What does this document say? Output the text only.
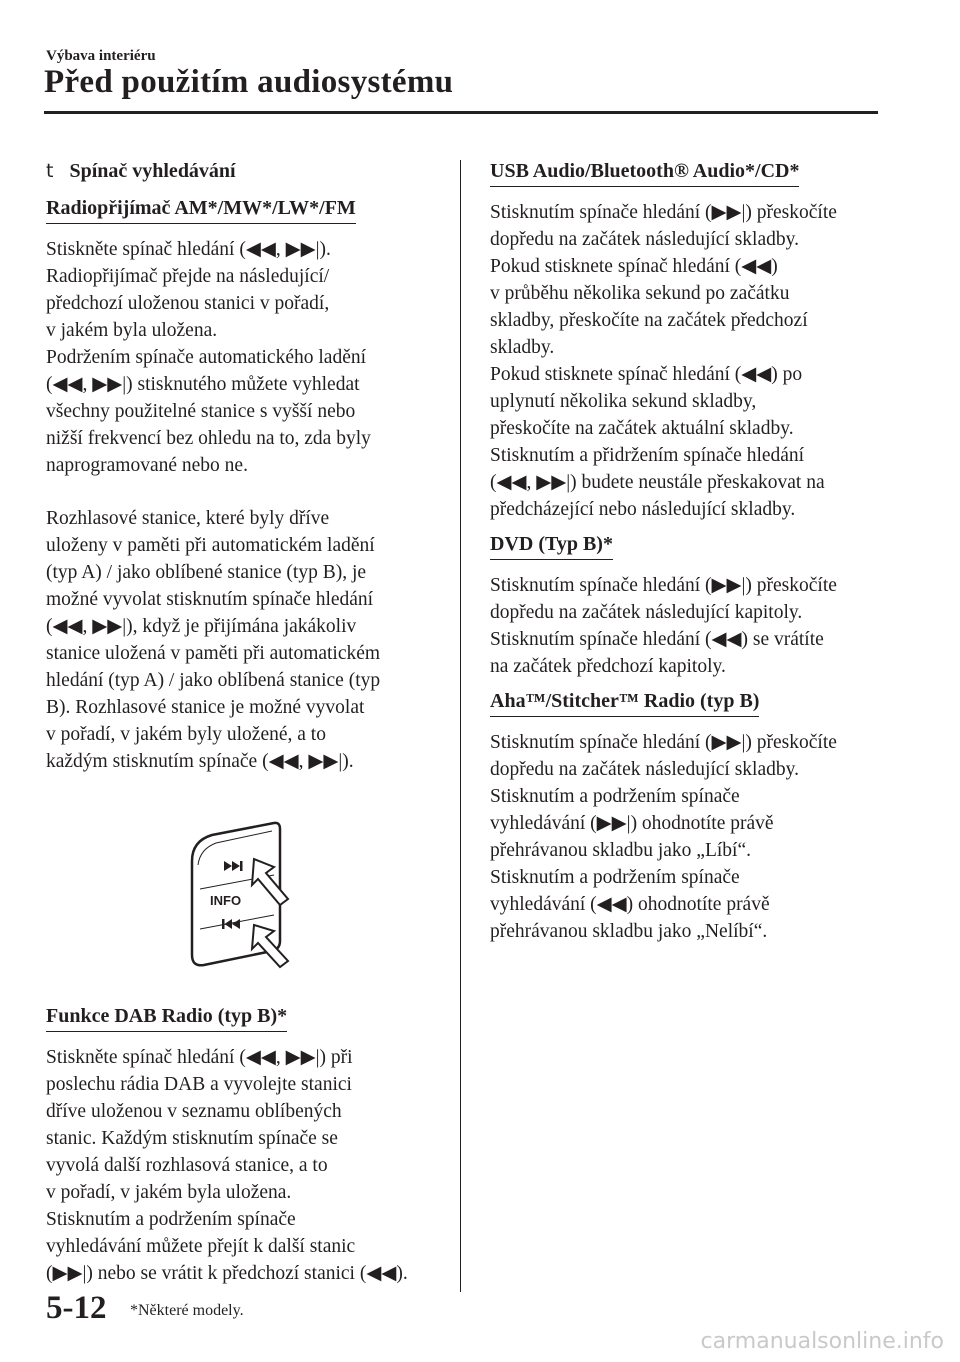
Výbava interiéru
Před použitím audiosystému
t Spínač vyhledávání
Radiopřijímač AM*/MW*/LW*/FM

Stiskněte spínač hledání (◀◀, ▶▶|).

Radiopřijímač přejde na následující/

předchozí uloženou stanici v pořadí,

v jakém byla uložena.

Podržením spínače automatického ladění

(◀◀, ▶▶|) stisknutého můžete vyhledat

všechny použitelné stanice s vyšší nebo

nižší frekvencí bez ohledu na to, zda byly

naprogramované nebo ne.

Rozhlasové stanice, které byly dříve

uloženy v paměti při automatickém ladění

(typ A) / jako oblíbené stanice (typ B), je

možné vyvolat stisknutím spínače hledání

(◀◀, ▶▶|), když je přijímána jakákoliv

stanice uložená v paměti při automatickém

hledání (typ A) / jako oblíbená stanice (typ

B). Rozhlasové stanice je možné vyvolat

v pořadí, v jakém byly uložené, a to

každým stisknutím spínače (◀◀, ▶▶|).

INFO
Funkce DAB Radio (typ B)*

Stiskněte spínač hledání (◀◀, ▶▶|) při

poslechu rádia DAB a vyvolejte stanici

dříve uloženou v seznamu oblíbených

stanic. Každým stisknutím spínače se

vyvolá další rozhlasová stanice, a to

v pořadí, v jakém byla uložena.

Stisknutím a podržením spínače

vyhledávání můžete přejít k další stanic

(▶▶|) nebo se vrátit k předchozí stanici (◀◀).

USB Audio/Bluetooth® Audio*/CD*

Stisknutím spínače hledání (▶▶|) přeskočíte

dopředu na začátek následující skladby.

Pokud stisknete spínač hledání (◀◀)

v průběhu několika sekund po začátku

skladby, přeskočíte na začátek předchozí

skladby.

Pokud stisknete spínač hledání (◀◀) po

uplynutí několika sekund skladby,

přeskočíte na začátek aktuální skladby.

Stisknutím a přidržením spínače hledání

(◀◀, ▶▶|) budete neustále přeskakovat na

předcházející nebo následující skladby.

DVD (Typ B)*

Stisknutím spínače hledání (▶▶|) přeskočíte

dopředu na začátek následující kapitoly.

Stisknutím spínače hledání (◀◀) se vrátíte

na začátek předchozí kapitoly.

Aha™/Stitcher™ Radio (typ B)

Stisknutím spínače hledání (▶▶|) přeskočíte

dopředu na začátek následující skladby.

Stisknutím a podržením spínače

vyhledávání (▶▶|) ohodnotíte právě

přehrávanou skladbu jako „Líbí“.

Stisknutím a podržením spínače

vyhledávání (◀◀) ohodnotíte právě

přehrávanou skladbu jako „Nelíbí“.

5-12 *Některé modely.
carmanualsonline.info
